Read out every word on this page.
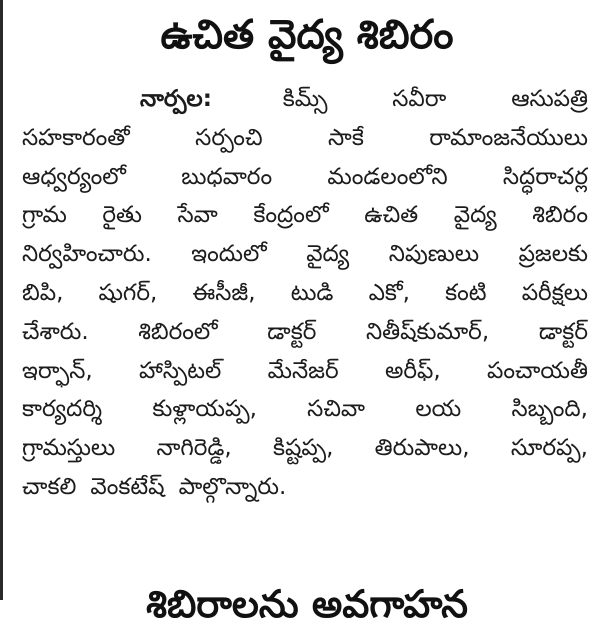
ఉచిత వైద్య శిబిరం
నార్పల:	కిమ్స్	సవీరా	ఆసుపత్రి
సహకారంతో	సర్పంచి	సాకే	రామాంజనేయులు
ఆధ్వర్యంలో బుధవారం మండలంలోని సిద్ధరాచర్ల
గ్రామ రైతు సేవా కేంద్రంలో ఉచిత వైద్య శిబిరం
నిర్వహించారు. ఇందులో వైద్య నిపుణులు ప్రజలకు
బిపి, షుగర్, ఈసీజీ, టుడి ఎకో, కంటి పరీక్షలు
చేశారు. శిబిరంలో డాక్టర్ నితీష్‌కుమార్, డాక్టర్
ఇర్ఫాన్, హాస్పిటల్ మేనేజర్ అరీఫ్, పంచాయతీ
కార్యదర్శి కుళ్లాయప్ప, సచివా లయ సిబ్బంది,
గ్రామస్తులు నాగిరెడ్డి, కిష్టప్ప, తిరుపాలు, సూరప్ప,
చాకలి వెంకటేష్ పాల్గొన్నారు.
శిబిరాలను అవగాహన
